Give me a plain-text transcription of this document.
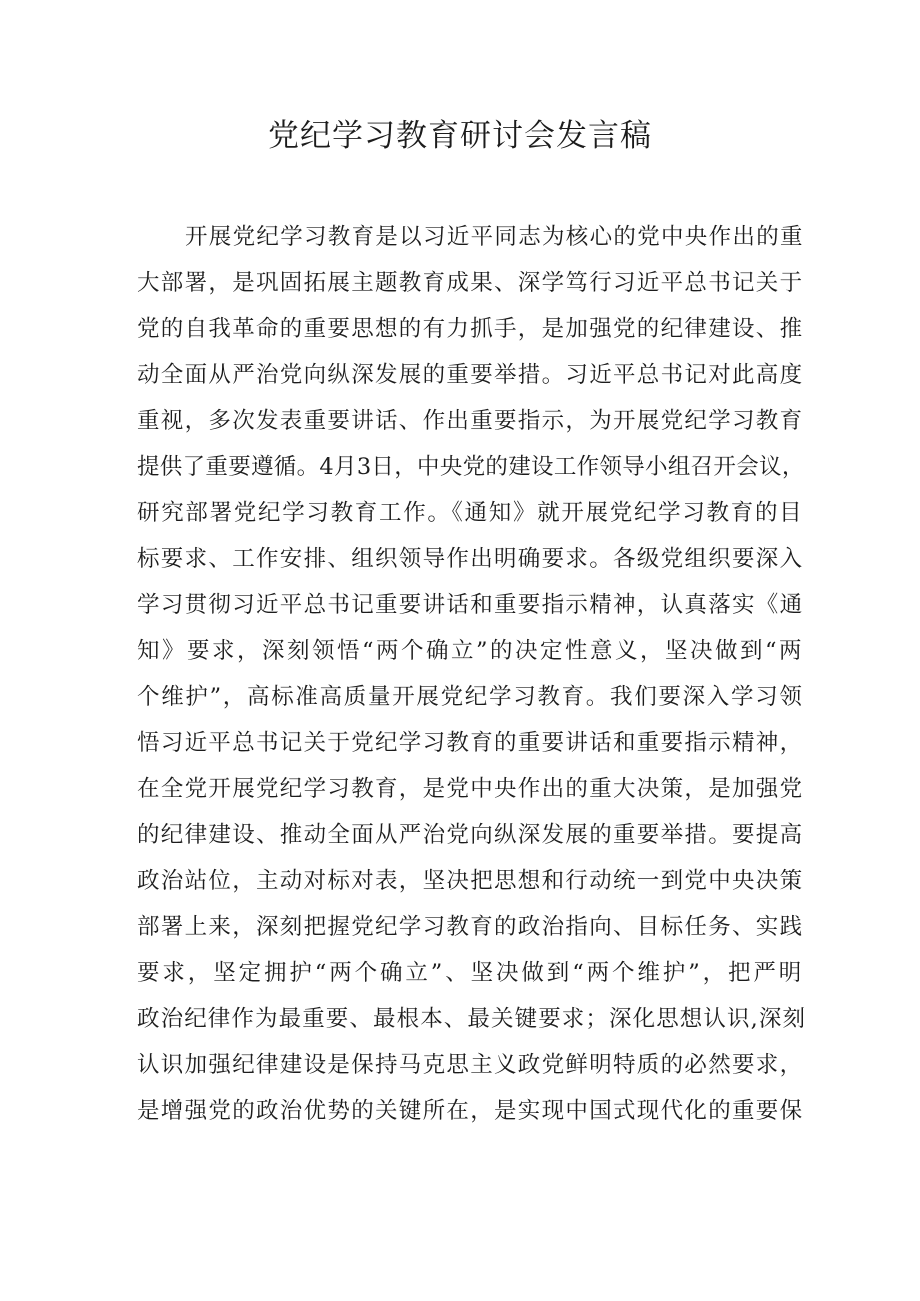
党纪学习教育研讨会发言稿
开展党纪学习教育是以习近平同志为核心的党中央作出的重
大部署，是巩固拓展主题教育成果、深学笃行习近平总书记关于
党的自我革命的重要思想的有力抓手，是加强党的纪律建设、推
动全面从严治党向纵深发展的重要举措。习近平总书记对此高度
重视，多次发表重要讲话、作出重要指示，为开展党纪学习教育
提供了重要遵循。4月3日，中央党的建设工作领导小组召开会议，
研究部署党纪学习教育工作。《通知》就开展党纪学习教育的目
标要求、工作安排、组织领导作出明确要求。各级党组织要深入
学习贯彻习近平总书记重要讲话和重要指示精神，认真落实《通
知》要求，深刻领悟“两个确立”的决定性意义，坚决做到“两
个维护”，高标准高质量开展党纪学习教育。我们要深入学习领
悟习近平总书记关于党纪学习教育的重要讲话和重要指示精神，
在全党开展党纪学习教育，是党中央作出的重大决策，是加强党
的纪律建设、推动全面从严治党向纵深发展的重要举措。要提高
政治站位，主动对标对表，坚决把思想和行动统一到党中央决策
部署上来，深刻把握党纪学习教育的政治指向、目标任务、实践
要求，坚定拥护“两个确立”、坚决做到“两个维护”，把严明
政治纪律作为最重要、最根本、最关键要求；深化思想认识,深刻
认识加强纪律建设是保持马克思主义政党鲜明特质的必然要求，
是增强党的政治优势的关键所在，是实现中国式现代化的重要保
